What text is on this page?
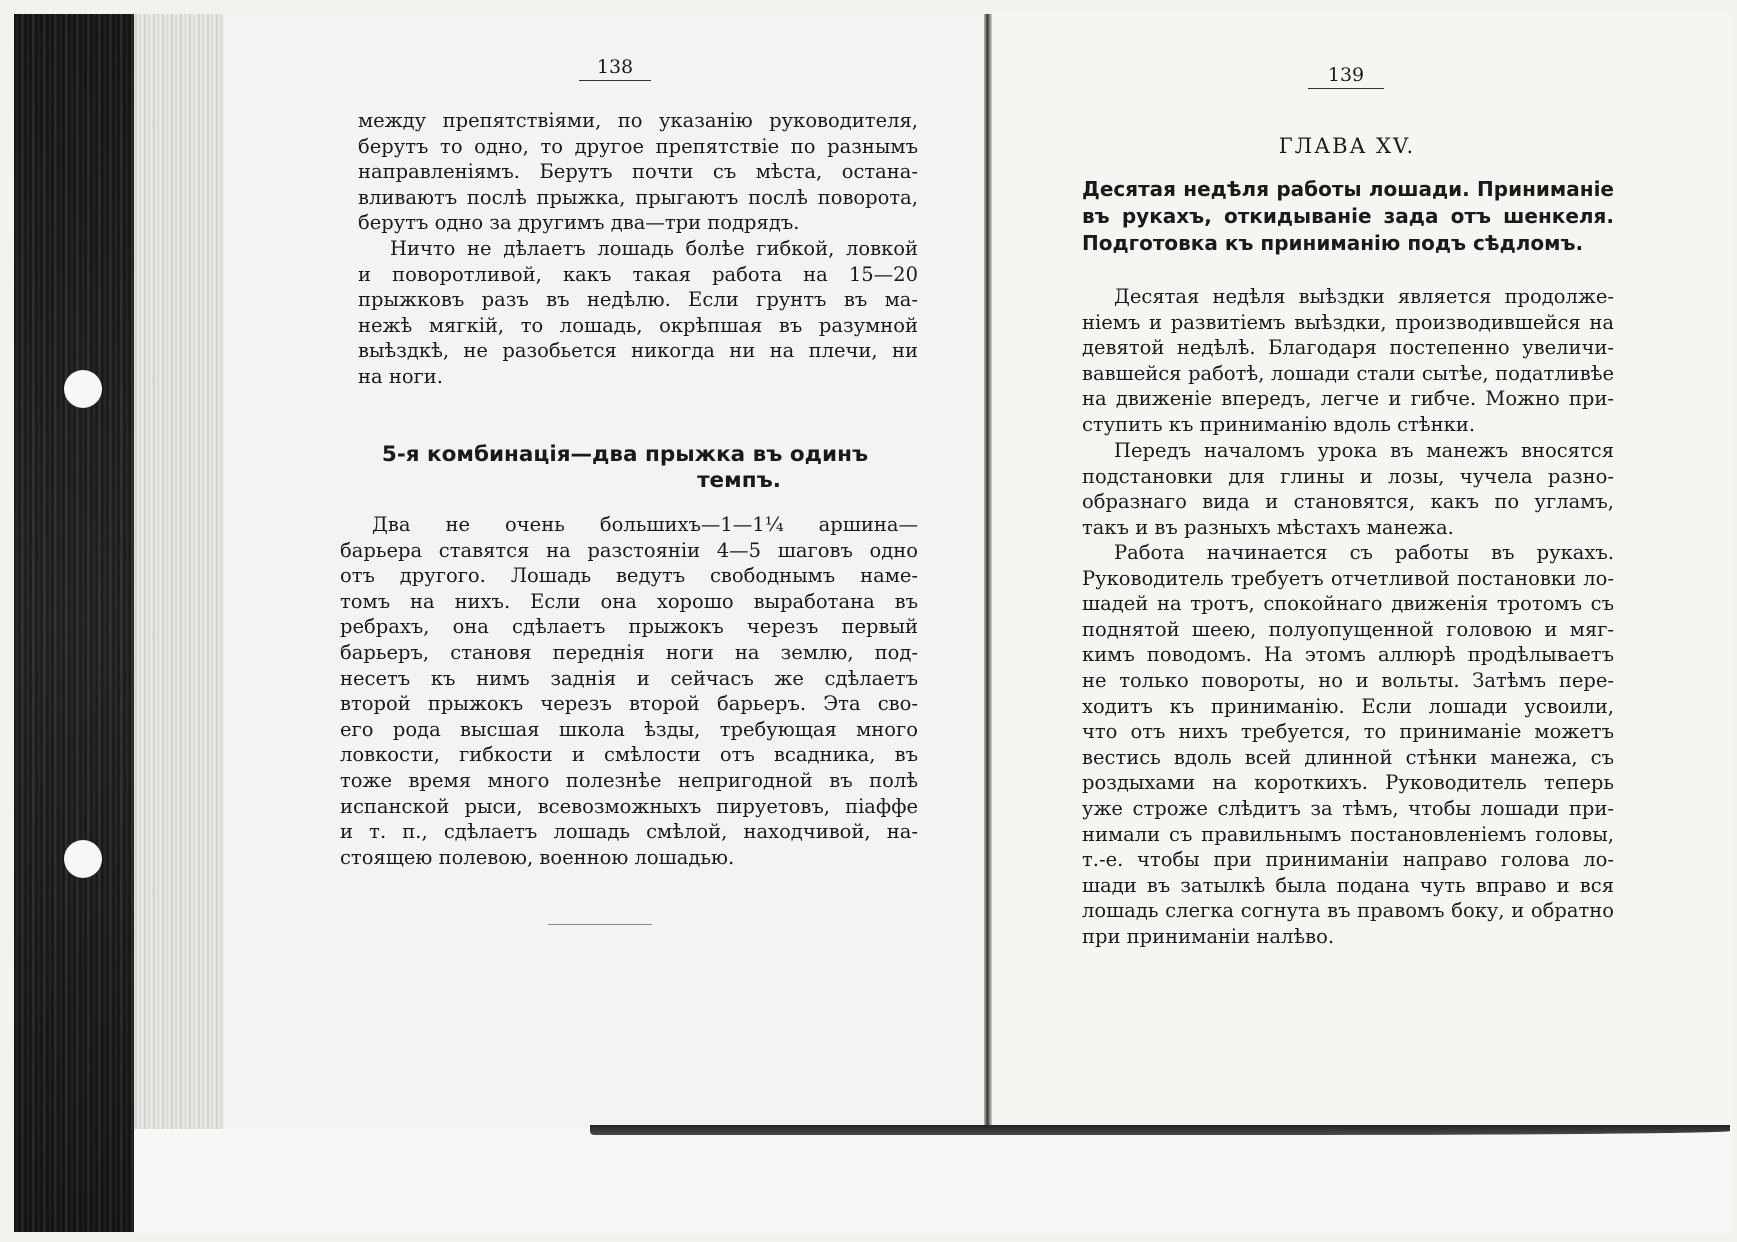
138

между препятствіями, по указанію руководителя,
берутъ то одно, то другое препятствіе по разнымъ
направленіямъ. Берутъ почти съ мѣста, останa-
вливаютъ послѣ прыжка, прыгаютъ послѣ поворота,
берутъ одно за другимъ два—три подрядъ.

Ничто не дѣлаетъ лошадь болѣе гибкой, ловкой
и поворотливой, какъ такая работа на 15—20
прыжковъ разъ въ недѣлю. Если грунтъ въ ма-
нежѣ мягкій, то лошадь, окрѣпшая въ разумной
выѣздкѣ, не разобьется никогда ни на плечи, ни
на ноги.

5-я комбинація—два прыжка въ одинъ
темпъ.

Два не очень большихъ—1—1¼ аршина—
барьера ставятся на разстояніи 4—5 шаговъ одно
отъ другого. Лошадь ведутъ свободнымъ наме-
томъ на нихъ. Если она хорошо выработана въ
ребрахъ, она сдѣлаетъ прыжокъ черезъ первый
барьеръ, становя переднія ноги на землю, под-
несетъ къ нимъ заднія и сейчасъ же сдѣлаетъ
второй прыжокъ черезъ второй барьеръ. Эта сво-
его рода высшая школа ѣзды, требующая много
ловкости, гибкости и смѣлости отъ всадника, въ
тоже время много полезнѣе непригодной въ полѣ
испанской рыси, всевозможныхъ пируетовъ, піаффе
и т. п., сдѣлаетъ лошадь смѣлой, находчивой, на-
стоящею полевою, военною лошадью.

139
ГЛАВА XV.

Десятая недѣля работы лошади. Приниманіе
въ рукахъ, откидываніе зада отъ шенкеля.
Подготовка къ приниманію подъ сѣдломъ.

Десятая недѣля выѣздки является продолже-
ніемъ и развитіемъ выѣздки, производившейся на
девятой недѣлѣ. Благодаря постепенно увеличи-
вавшейся работѣ, лошади стали сытѣе, податливѣе
на движеніе впередъ, легче и гибче. Можно при-
ступить къ приниманію вдоль стѣнки.

Передъ началомъ урока въ манежъ вносятся
подстановки для глины и лозы, чучела разно-
образнаго вида и становятся, какъ по угламъ,
такъ и въ разныхъ мѣстахъ манежа.

Работа начинается съ работы въ рукахъ.
Руководитель требуетъ отчетливой постановки ло-
шадей на тротъ, спокойнаго движенія тротомъ съ
поднятой шеею, полуопущенной головою и мяг-
кимъ поводомъ. На этомъ аллюрѣ продѣлываетъ
не только повороты, но и вольты. Затѣмъ пере-
ходитъ къ приниманію. Если лошади усвоили,
что отъ нихъ требуется, то приниманіе можетъ
вестись вдоль всей длинной стѣнки манежа, съ
роздыхами на короткихъ. Руководитель теперь
уже строже слѣдитъ за тѣмъ, чтобы лошади при-
нимали съ правильнымъ постановленіемъ головы,
т.-е. чтобы при приниманіи направо голова ло-
шади въ затылкѣ была подана чуть вправо и вся
лошадь слегка согнута въ правомъ боку, и обратно
при приниманіи налѣво.
